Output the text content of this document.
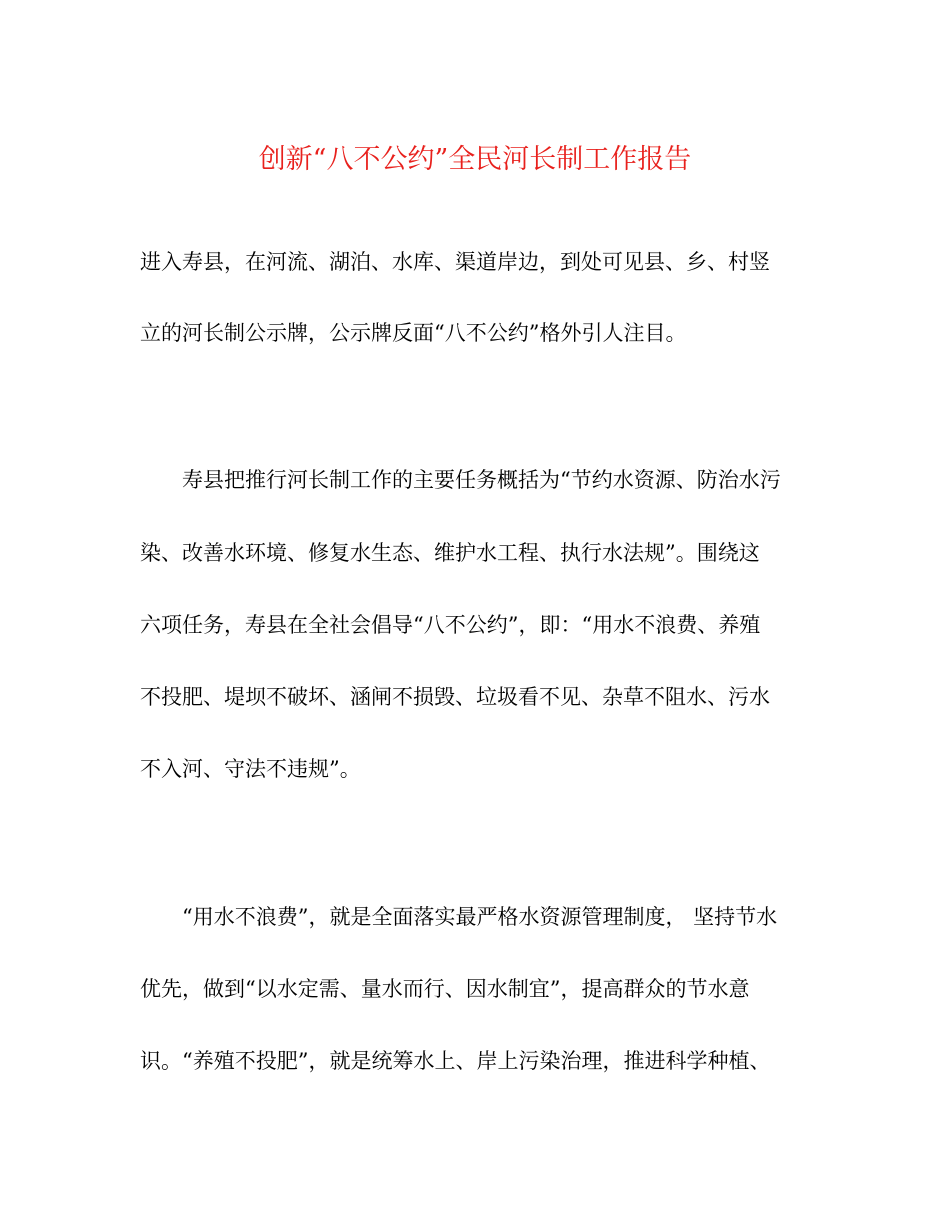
创新“八不公约”全民河长制工作报告
进入寿县，在河流、湖泊、水库、渠道岸边，到处可见县、乡、村竖
立的河长制公示牌，公示牌反面“八不公约”格外引人注目。
寿县把推行河长制工作的主要任务概括为“节约水资源、防治水污
染、改善水环境、修复水生态、维护水工程、执行水法规”。围绕这
六项任务，寿县在全社会倡导“八不公约”，即：“用水不浪费、养殖
不投肥、堤坝不破坏、涵闸不损毁、垃圾看不见、杂草不阻水、污水
不入河、守法不违规”。
“用水不浪费”，就是全面落实最严格水资源管理制度， 坚持节水
优先，做到“以水定需、量水而行、因水制宜”，提高群众的节水意
识。“养殖不投肥”，就是统筹水上、岸上污染治理，推进科学种植、
